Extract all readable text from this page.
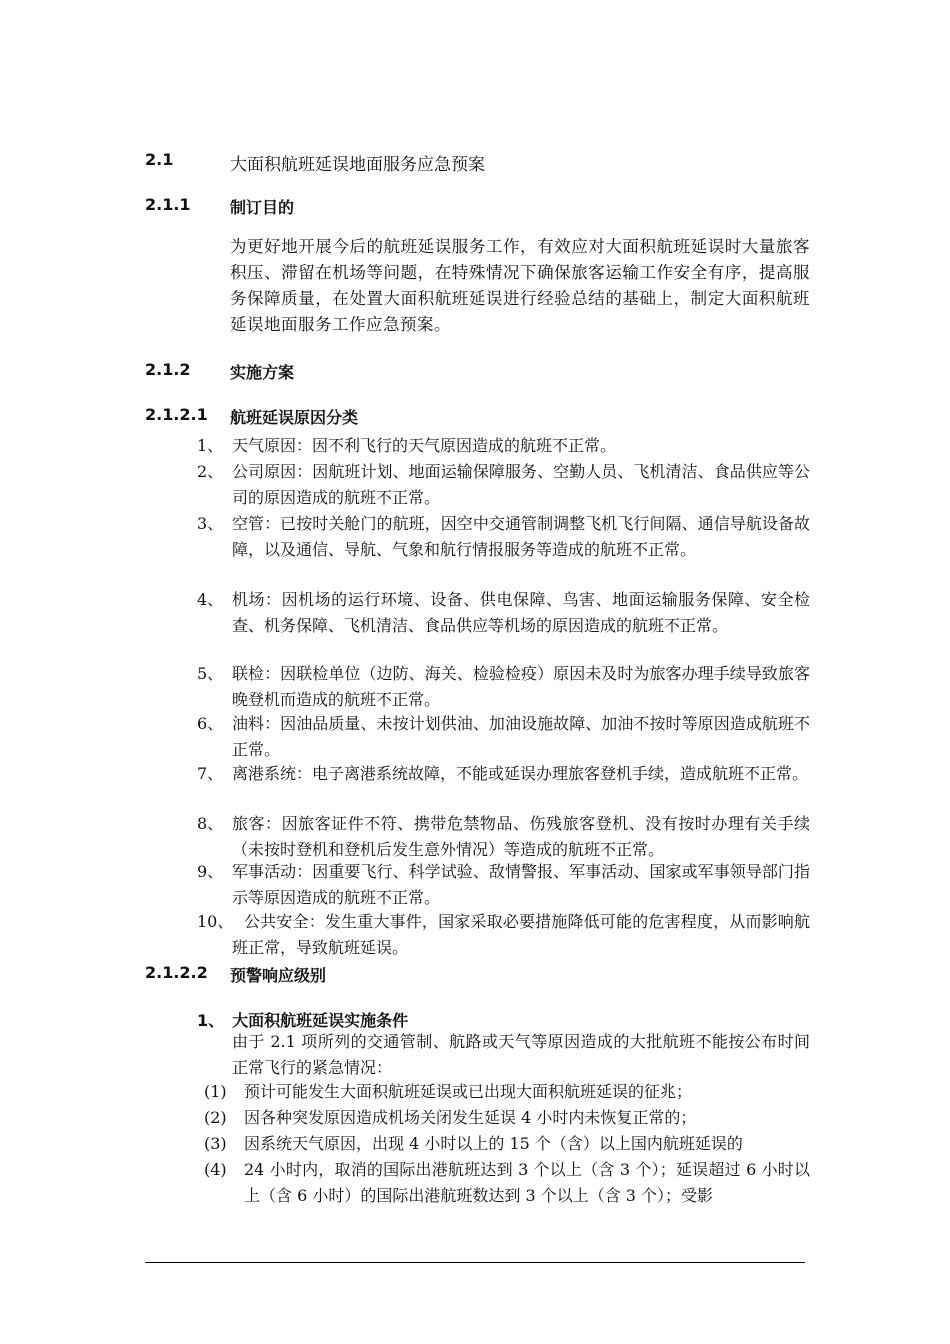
2.1	大面积航班延误地面服务应急预案
2.1.1 制订目的
为更好地开展今后的航班延误服务工作，有效应对大面积航班延误时大量旅客积压、滞留在机场等问题，在特殊情况下确保旅客运输工作安全有序，提高服务保障质量，在处置大面积航班延误进行经验总结的基础上，制定大面积航班延误地面服务工作应急预案。
2.1.2 实施方案
2.1.2.1 航班延误原因分类
1、 天气原因：因不利飞行的天气原因造成的航班不正常。
2、 公司原因：因航班计划、地面运输保障服务、空勤人员、飞机清洁、食品供应等公司的原因造成的航班不正常。
3、 空管：已按时关舱门的航班，因空中交通管制调整飞机飞行间隔、通信导航设备故障，以及通信、导航、气象和航行情报服务等造成的航班不正常。
4、 机场：因机场的运行环境、设备、供电保障、鸟害、地面运输服务保障、安全检查、机务保障、飞机清洁、食品供应等机场的原因造成的航班不正常。
5、 联检：因联检单位（边防、海关、检验检疫）原因未及时为旅客办理手续导致旅客晚登机而造成的航班不正常。
6、 油料：因油品质量、未按计划供油、加油设施故障、加油不按时等原因造成航班不正常。
7、 离港系统：电子离港系统故障，不能或延误办理旅客登机手续，造成航班不正常。
8、 旅客：因旅客证件不符、携带危禁物品、伤残旅客登机、没有按时办理有关手续（未按时登机和登机后发生意外情况）等造成的航班不正常。
9、 军事活动：因重要飞行、科学试验、敌情警报、军事活动、国家或军事领导部门指示等原因造成的航班不正常。
10、 公共安全：发生重大事件，国家采取必要措施降低可能的危害程度，从而影响航班正常，导致航班延误。
2.1.2.2 预警响应级别
1、　大面积航班延误实施条件
由于 2.1 项所列的交通管制、航路或天气等原因造成的大批航班不能按公布时间正常飞行的紧急情况：
(1) 预计可能发生大面积航班延误或已出现大面积航班延误的征兆；
(2) 因各种突发原因造成机场关闭发生延误 4 小时内未恢复正常的；
(3) 因系统天气原因，出现 4 小时以上的 15 个（含）以上国内航班延误的
(4) 24 小时内，取消的国际出港航班达到 3 个以上（含 3 个）；延误超过 6 小时以上（含 6 小时）的国际出港航班数达到 3 个以上（含 3 个）；受影
